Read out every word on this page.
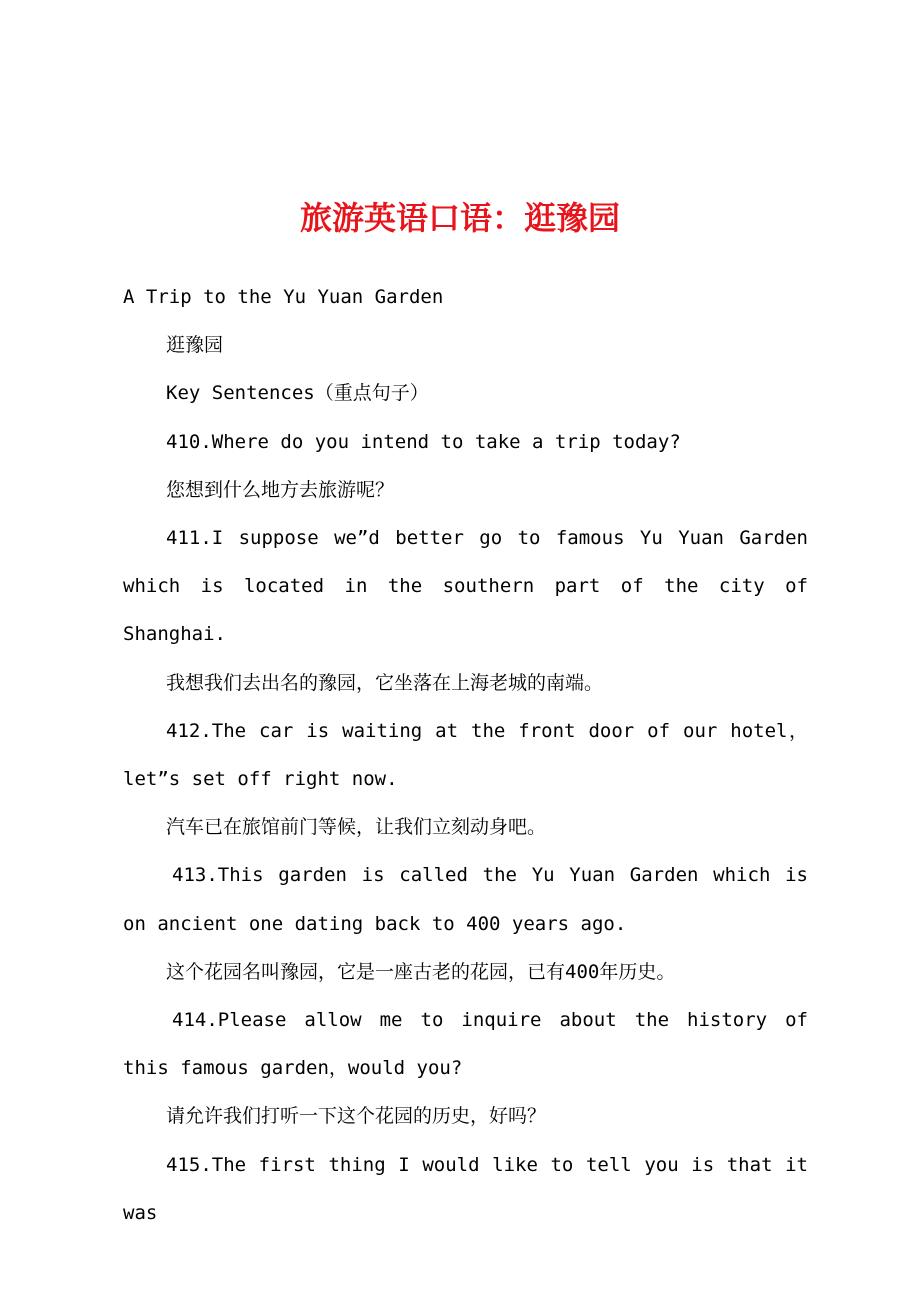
旅游英语口语：逛豫园

A Trip to the Yu Yuan Garden

逛豫园

Key Sentences（重点句子）

410.Where do you intend to take a trip today?

您想到什么地方去旅游呢？

411.I suppose we”d better go to famous Yu Yuan Garden which is located in the southern part of the city of Shanghai.

我想我们去出名的豫园，它坐落在上海老城的南端。

412.The car is waiting at the front door of our hotel，let”s set off right now.

汽车已在旅馆前门等候，让我们立刻动身吧。

413.This garden is called the Yu Yuan Garden which is on ancient one dating back to 400 years ago.

这个花园名叫豫园，它是一座古老的花园，已有400年历史。

414.Please allow me to inquire about the history of this famous garden，would you?

请允许我们打听一下这个花园的历史，好吗？

415.The first thing I would like to tell you is that it was
